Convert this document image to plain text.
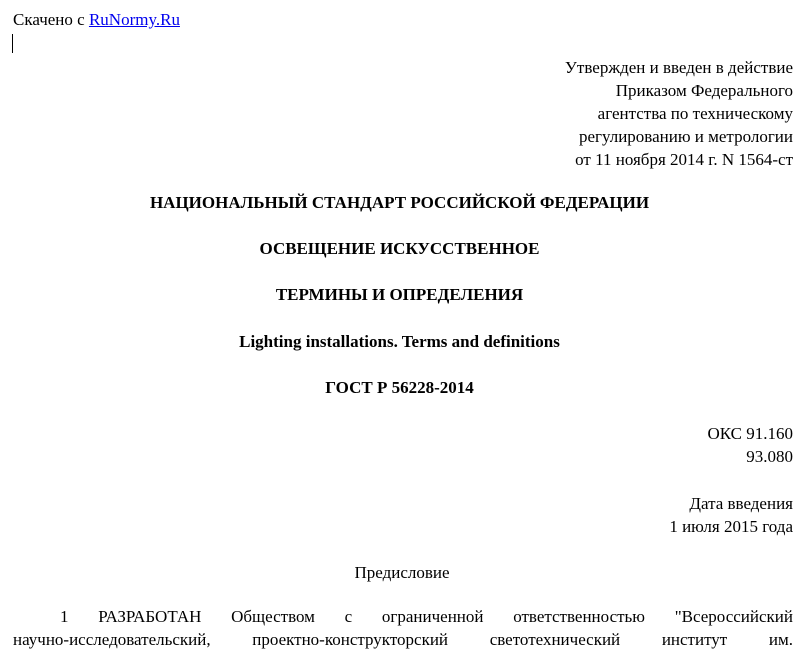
Скачено с RuNormy.Ru
Утвержден и введен в действие
Приказом Федерального
агентства по техническому
регулированию и метрологии
от 11 ноября 2014 г. N 1564-ст
НАЦИОНАЛЬНЫЙ СТАНДАРТ РОССИЙСКОЙ ФЕДЕРАЦИИ
ОСВЕЩЕНИЕ ИСКУССТВЕННОЕ
ТЕРМИНЫ И ОПРЕДЕЛЕНИЯ
Lighting installations. Terms and definitions
ГОСТ Р 56228-2014
ОКС 91.160
93.080
Дата введения
1 июля 2015 года
Предисловие
1 РАЗРАБОТАН Обществом с ограниченной ответственностью "Всероссийский
научно-исследовательский, проектно-конструкторский светотехнический институт им.
